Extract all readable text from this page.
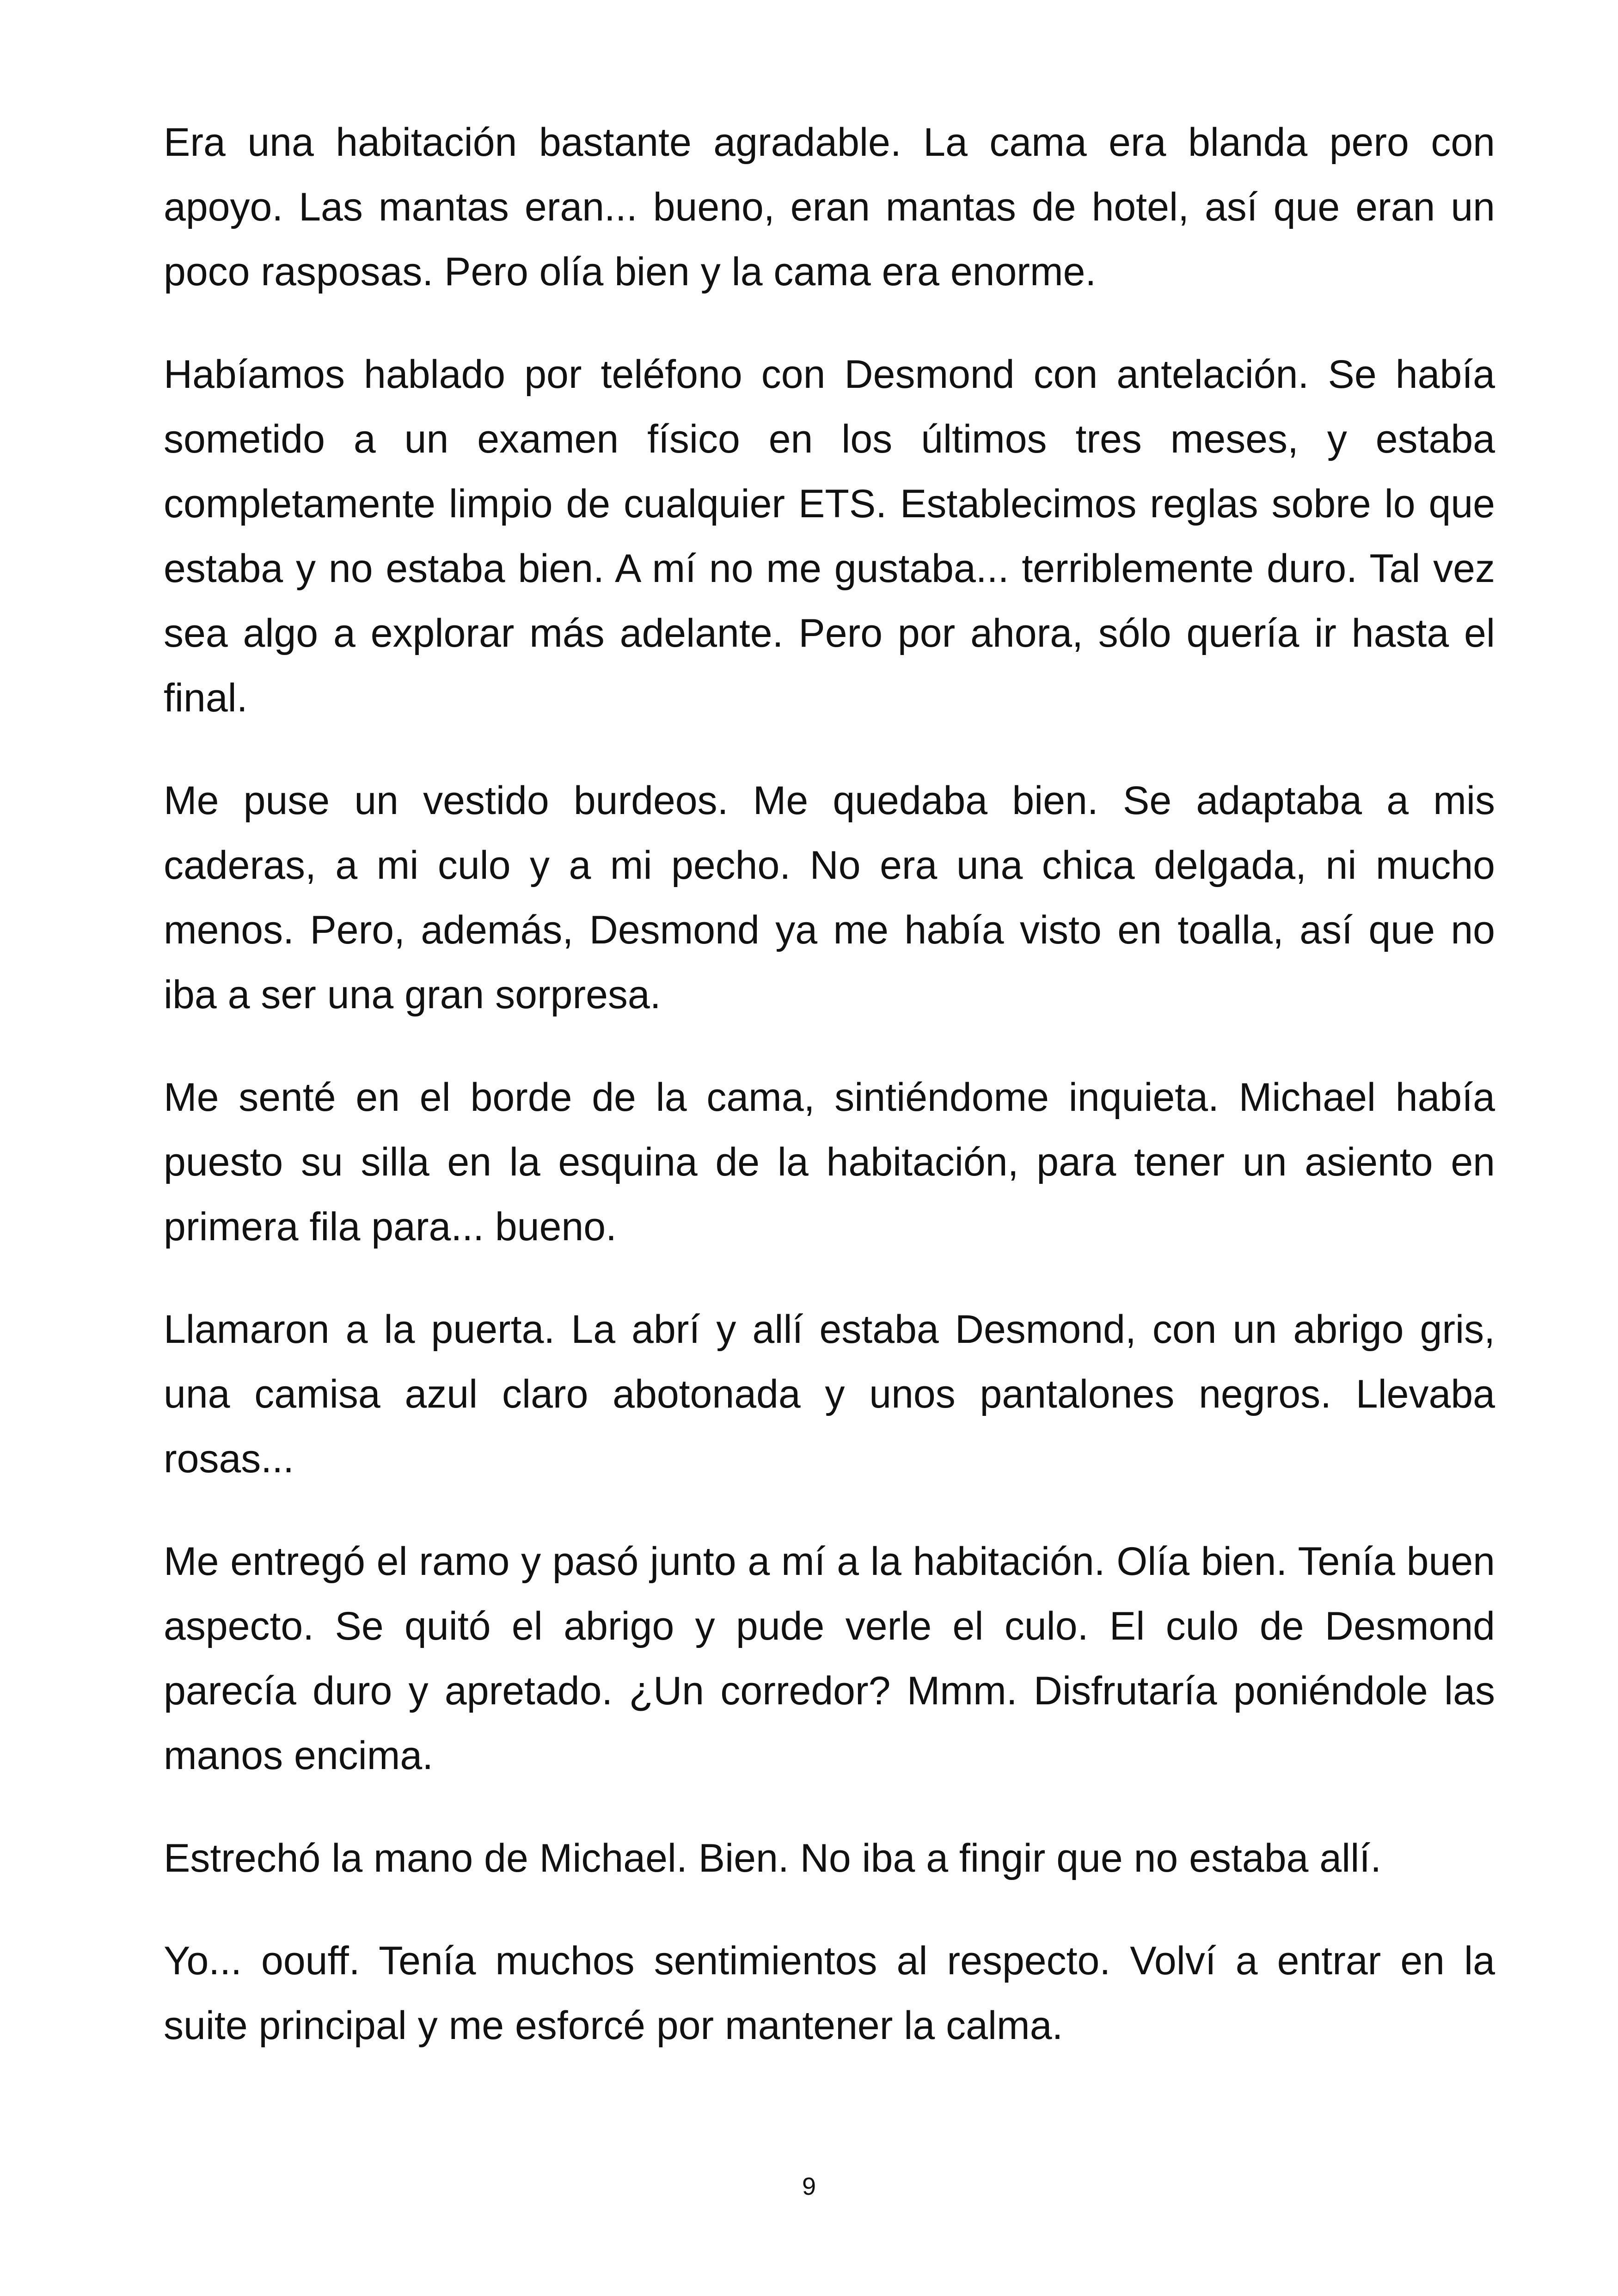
Era una habitación bastante agradable. La cama era blanda pero con apoyo. Las mantas eran... bueno, eran mantas de hotel, así que eran un poco rasposas. Pero olía bien y la cama era enorme.

Habíamos hablado por teléfono con Desmond con antelación. Se había sometido a un examen físico en los últimos tres meses, y estaba completamente limpio de cualquier ETS. Establecimos reglas sobre lo que estaba y no estaba bien. A mí no me gustaba... terriblemente duro. Tal vez sea algo a explorar más adelante. Pero por ahora, sólo quería ir hasta el final.

Me puse un vestido burdeos. Me quedaba bien. Se adaptaba a mis caderas, a mi culo y a mi pecho. No era una chica delgada, ni mucho menos. Pero, además, Desmond ya me había visto en toalla, así que no iba a ser una gran sorpresa.

Me senté en el borde de la cama, sintiéndome inquieta. Michael había puesto su silla en la esquina de la habitación, para tener un asiento en primera fila para... bueno.

Llamaron a la puerta. La abrí y allí estaba Desmond, con un abrigo gris, una camisa azul claro abotonada y unos pantalones negros. Llevaba rosas...

Me entregó el ramo y pasó junto a mí a la habitación. Olía bien. Tenía buen aspecto. Se quitó el abrigo y pude verle el culo. El culo de Desmond parecía duro y apretado. ¿Un corredor? Mmm. Disfrutaría poniéndole las manos encima.

Estrechó la mano de Michael. Bien. No iba a fingir que no estaba allí.

Yo... oouff. Tenía muchos sentimientos al respecto. Volví a entrar en la suite principal y me esforcé por mantener la calma.

9
